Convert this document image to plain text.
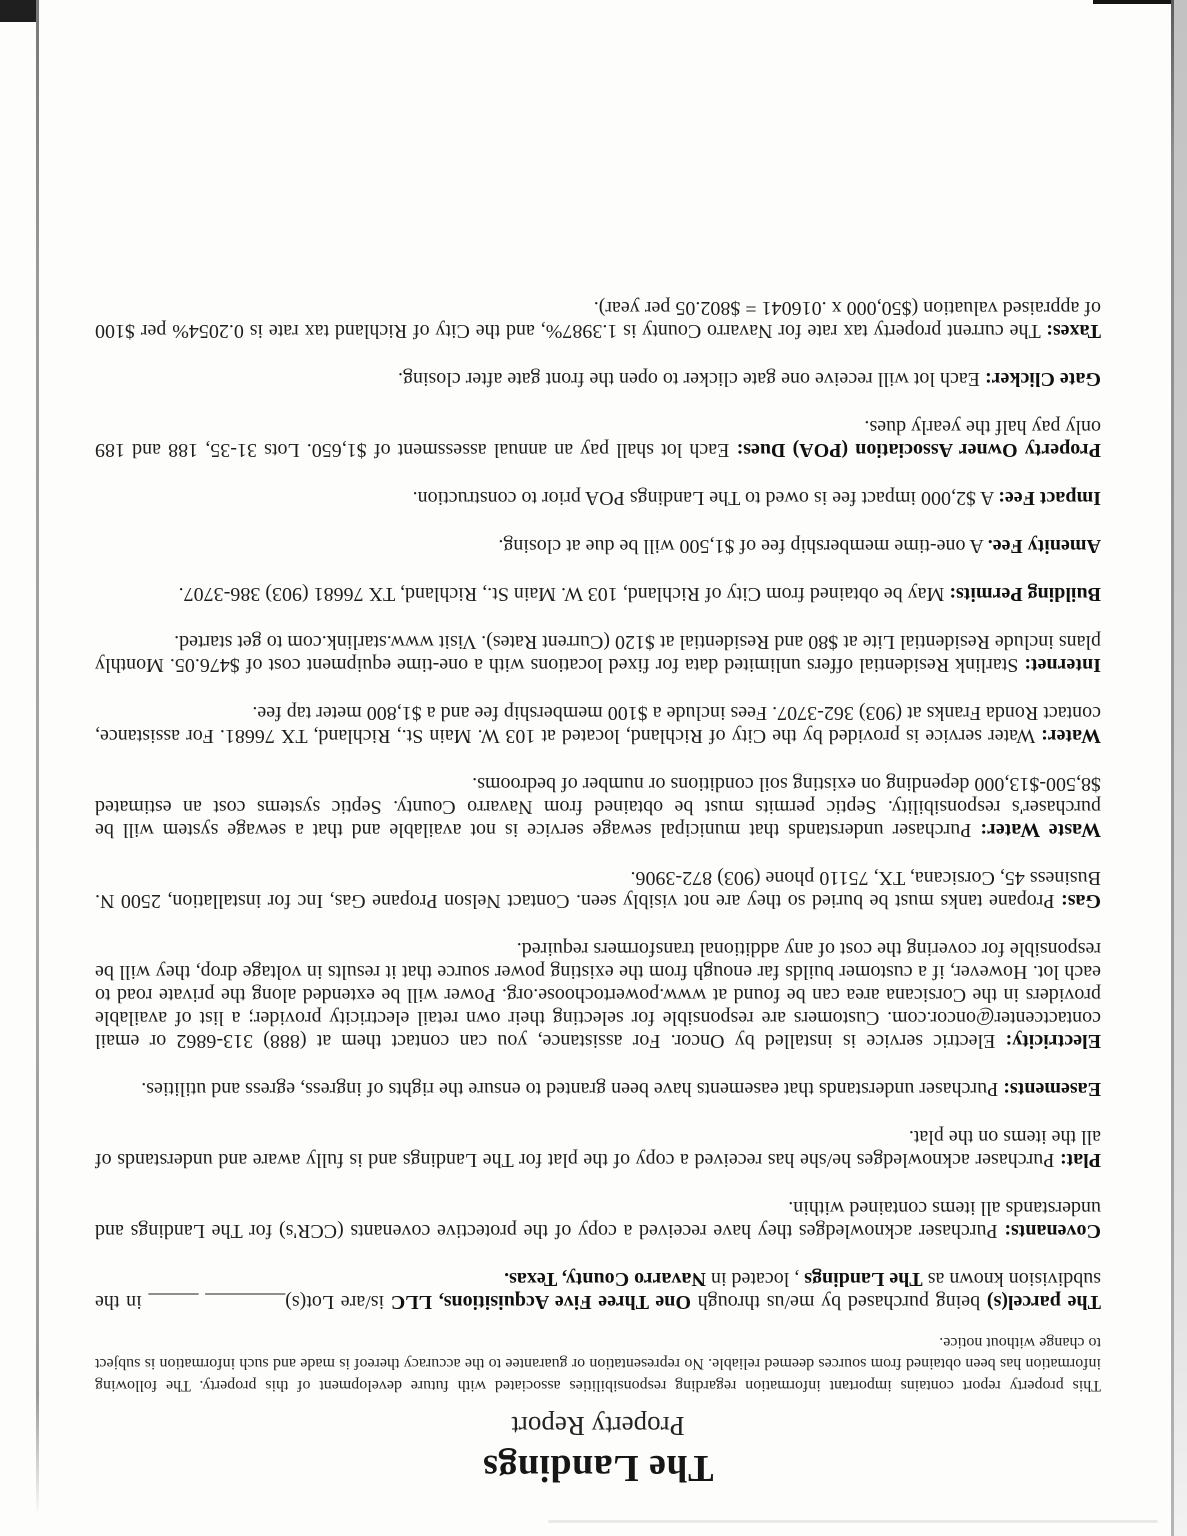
The Landings

Property Report

This property report contains important information regarding responsibilities associated with future development of this property. The following information has been obtained from sources deemed reliable. No representation or guarantee to the accuracy thereof is made and such information is subject to change without notice.

The parcel(s) being purchased by me/us through One Three Five Acquisitions, LLC is/are Lot(s)________ _____ in the subdivision known as The Landings , located in Navarro County, Texas.

Covenants: Purchaser acknowledges they have received a copy of the protective covenants (CCR's) for The Landings and understands all items contained within.

Plat: Purchaser acknowledges he/she has received a copy of the plat for The Landings and is fully aware and understands of all the items on the plat.

Easements: Purchaser understands that easements have been granted to ensure the rights of ingress, egress and utilities.

Electricity: Electric service is installed by Oncor. For assistance, you can contact them at (888) 313-6862 or email contactcenter@oncor.com. Customers are responsible for selecting their own retail electricity provider; a list of available providers in the Corsicana area can be found at www.powertochoose.org. Power will be extended along the private road to each lot. However, if a customer builds far enough from the existing power source that it results in voltage drop, they will be responsible for covering the cost of any additional transformers required.

Gas: Propane tanks must be buried so they are not visibly seen. Contact Nelson Propane Gas, Inc for installation, 2500 N. Business 45, Corsicana, TX, 75110 phone (903) 872-3906.

Waste Water: Purchaser understands that municipal sewage service is not available and that a sewage system will be purchaser's responsibility. Septic permits must be obtained from Navarro County. Septic systems cost an estimated $8,500-$13,000 depending on existing soil conditions or number of bedrooms.

Water: Water service is provided by the City of Richland, located at 103 W. Main St., Richland, TX 76681. For assistance, contact Ronda Franks at (903) 362-3707. Fees include a $100 membership fee and a $1,800 meter tap fee.

Internet: Starlink Residential offers unlimited data for fixed locations with a one-time equipment cost of $476.05. Monthly plans include Residential Lite at $80 and Residential at $120 (Current Rates). Visit www.starlink.com to get started.

Building Permits: May be obtained from City of Richland, 103 W. Main St., Richland, TX 76681 (903) 386-3707.

Amenity Fee. A one-time membership fee of $1,500 will be due at closing.

Impact Fee: A $2,000 impact fee is owed to The Landings POA prior to construction.

Property Owner Association (POA) Dues: Each lot shall pay an annual assessment of $1,650. Lots 31-35, 188 and 189 only pay half the yearly dues.

Gate Clicker: Each lot will receive one gate clicker to open the front gate after closing.

Taxes: The current property tax rate for Navarro County is 1.3987%, and the City of Richland tax rate is 0.2054% per $100 of appraised valuation ($50,000 x .016041 = $802.05 per year).
